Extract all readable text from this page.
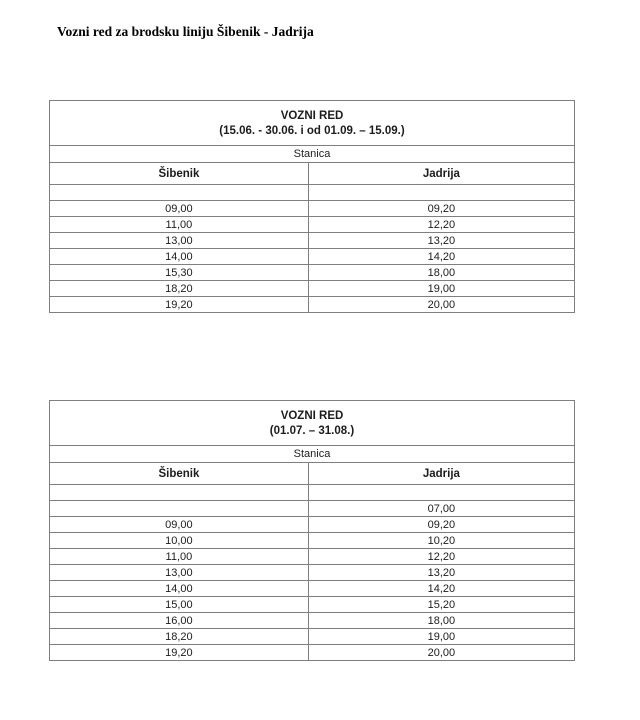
Vozni red za brodsku liniju Šibenik - Jadrija
VOZNI RED
(15.06. - 30.06. i od 01.09. – 15.09.)	

Stanica	
Šibenik	Jadrija

09,00	09,20
11,00	12,20
13,00	13,20
14,00	14,20
15,30	18,00
18,20	19,00
19,20	20,00
VOZNI RED
(01.07. – 31.08.)	

Stanica	
Šibenik	Jadrija

	07,00
09,00	09,20
10,00	10,20
11,00	12,20
13,00	13,20
14,00	14,20
15,00	15,20
16,00	18,00
18,20	19,00
19,20	20,00
